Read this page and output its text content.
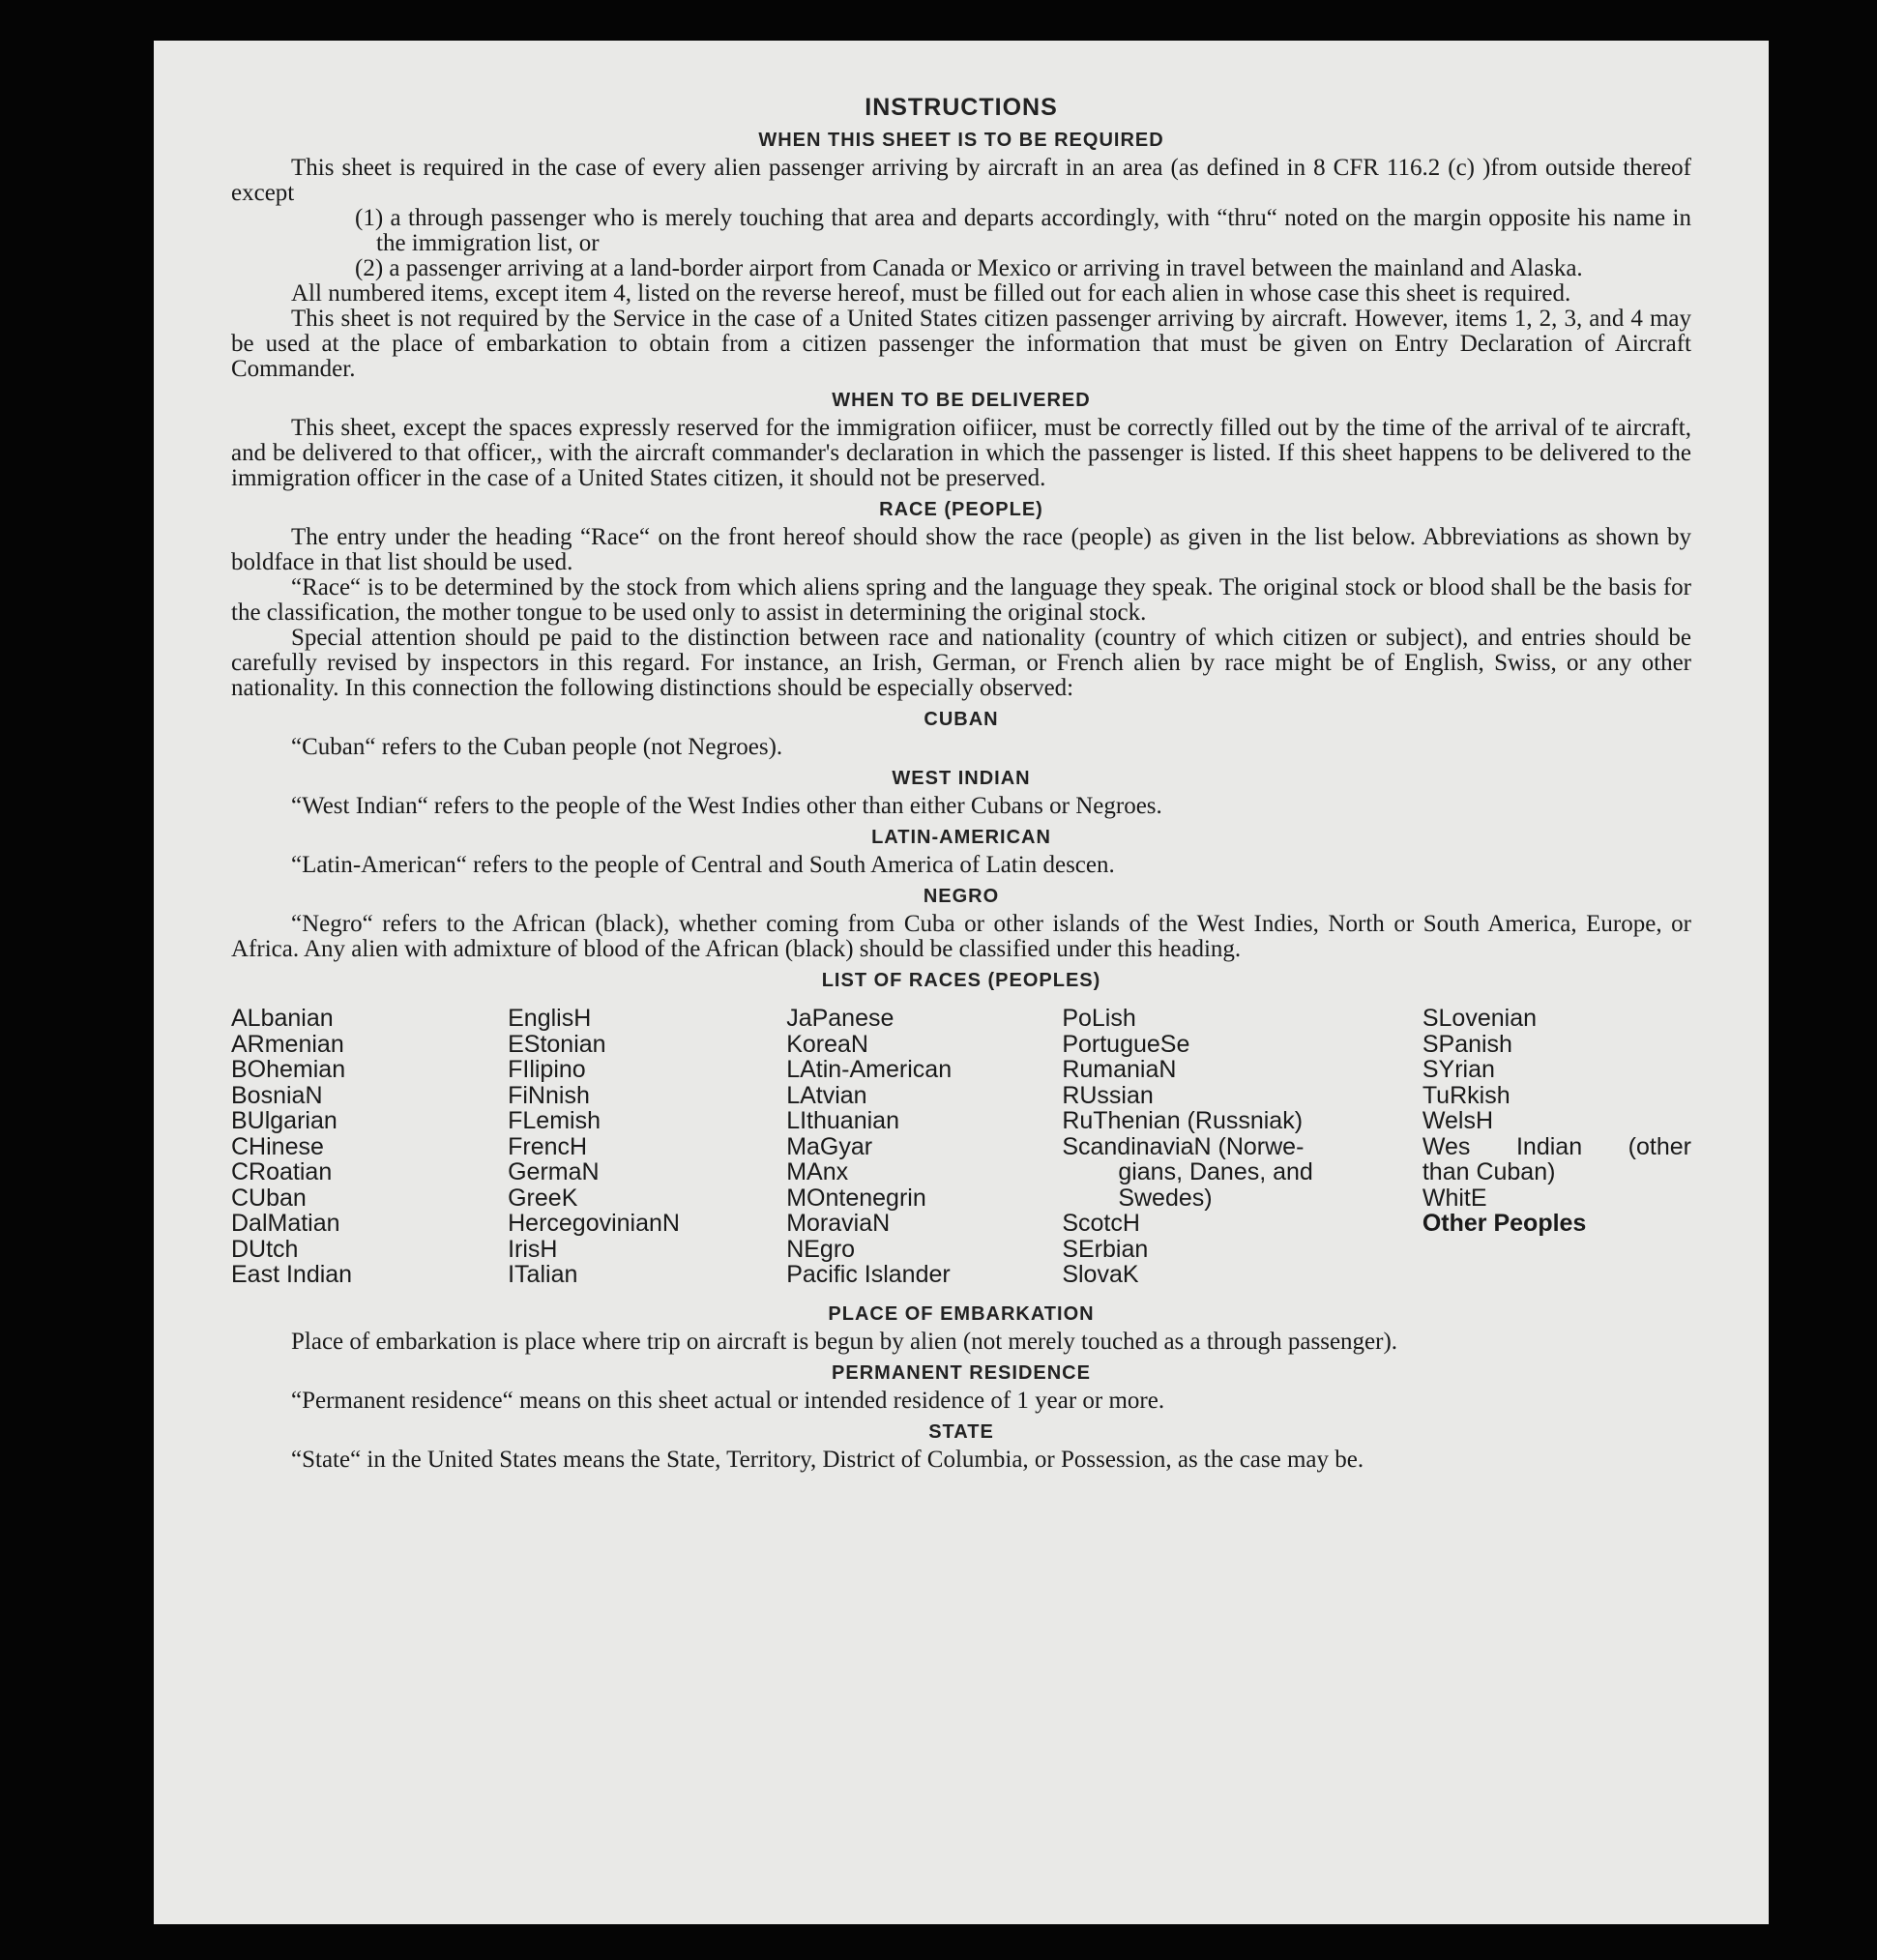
INSTRUCTIONS
WHEN THIS SHEET IS TO BE REQUIRED

This sheet is required in the case of every alien passenger arriving by aircraft in an area (as defined in 8 CFR 116.2 (c) )from outside thereof except

(1) a through passenger who is merely touching that area and departs accordingly, with “thru“ noted on the margin opposite his name in the immigration list, or

(2) a passenger arriving at a land-border airport from Canada or Mexico or arriving in travel between the mainland and Alaska.

All numbered items, except item 4, listed on the reverse hereof, must be filled out for each alien in whose case this sheet is required.

This sheet is not required by the Service in the case of a United States citizen passenger arriving by aircraft. However, items 1, 2, 3, and 4 may be used at the place of embarkation to obtain from a citizen passenger the information that must be given on Entry Declaration of Aircraft Commander.

WHEN TO BE DELIVERED

This sheet, except the spaces expressly reserved for the immigration oifiicer, must be correctly filled out by the time of the arrival of te aircraft, and be delivered to that officer,, with the aircraft commander's declaration in which the passenger is listed. If this sheet happens to be delivered to the immigration officer in the case of a United States citizen, it should not be preserved.

RACE (PEOPLE)

The entry under the heading “Race“ on the front hereof should show the race (people) as given in the list below. Abbreviations as shown by boldface in that list should be used.

“Race“ is to be determined by the stock from which aliens spring and the language they speak. The original stock or blood shall be the basis for the classification, the mother tongue to be used only to assist in determining the original stock.

Special attention should pe paid to the distinction between race and nationality (country of which citizen or subject), and entries should be carefully revised by inspectors in this regard. For instance, an Irish, German, or French alien by race might be of English, Swiss, or any other nationality. In this connection the following distinctions should be especially observed:

CUBAN

“Cuban“ refers to the Cuban people (not Negroes).

WEST INDIAN

“West Indian“ refers to the people of the West Indies other than either Cubans or Negroes.

LATIN-AMERICAN

“Latin-American“ refers to the people of Central and South America of Latin descen.

NEGRO

“Negro“ refers to the African (black), whether coming from Cuba or other islands of the West Indies, North or South America, Europe, or Africa. Any alien with admixture of blood of the African (black) should be classified under this heading.

LIST OF RACES (PEOPLES)
ALbanian
ARmenian
BOhemian
BosniaN
BUlgarian
CHinese
CRoatian
CUban
DalMatian
DUtch
East Indian
EnglisH
EStonian
FIlipino
FiNnish
FLemish
FrencH
GermaN
GreeK
HercegovinianN
IrisH
ITalian
JaPanese
KoreaN
LAtin-American
LAtvian
LIthuanian
MaGyar
MAnx
MOntenegrin
MoraviaN
NEgro
Pacific Islander
PoLish
PortugueSe
RumaniaN
RUssian
RuThenian (Russniak)
ScandinaviaN (Norwe-
gians, Danes, and
Swedes)
ScotcH
SErbian
SlovaK
SLovenian
SPanish
SYrian
TuRkish
WelsH
Wes Indian (other
than Cuban)
WhitE
Other Peoples
PLACE OF EMBARKATION

Place of embarkation is place where trip on aircraft is begun by alien (not merely touched as a through passenger).

PERMANENT RESIDENCE

“Permanent residence“ means on this sheet actual or intended residence of 1 year or more.

STATE

“State“ in the United States means the State, Territory, District of Columbia, or Possession, as the case may be.
